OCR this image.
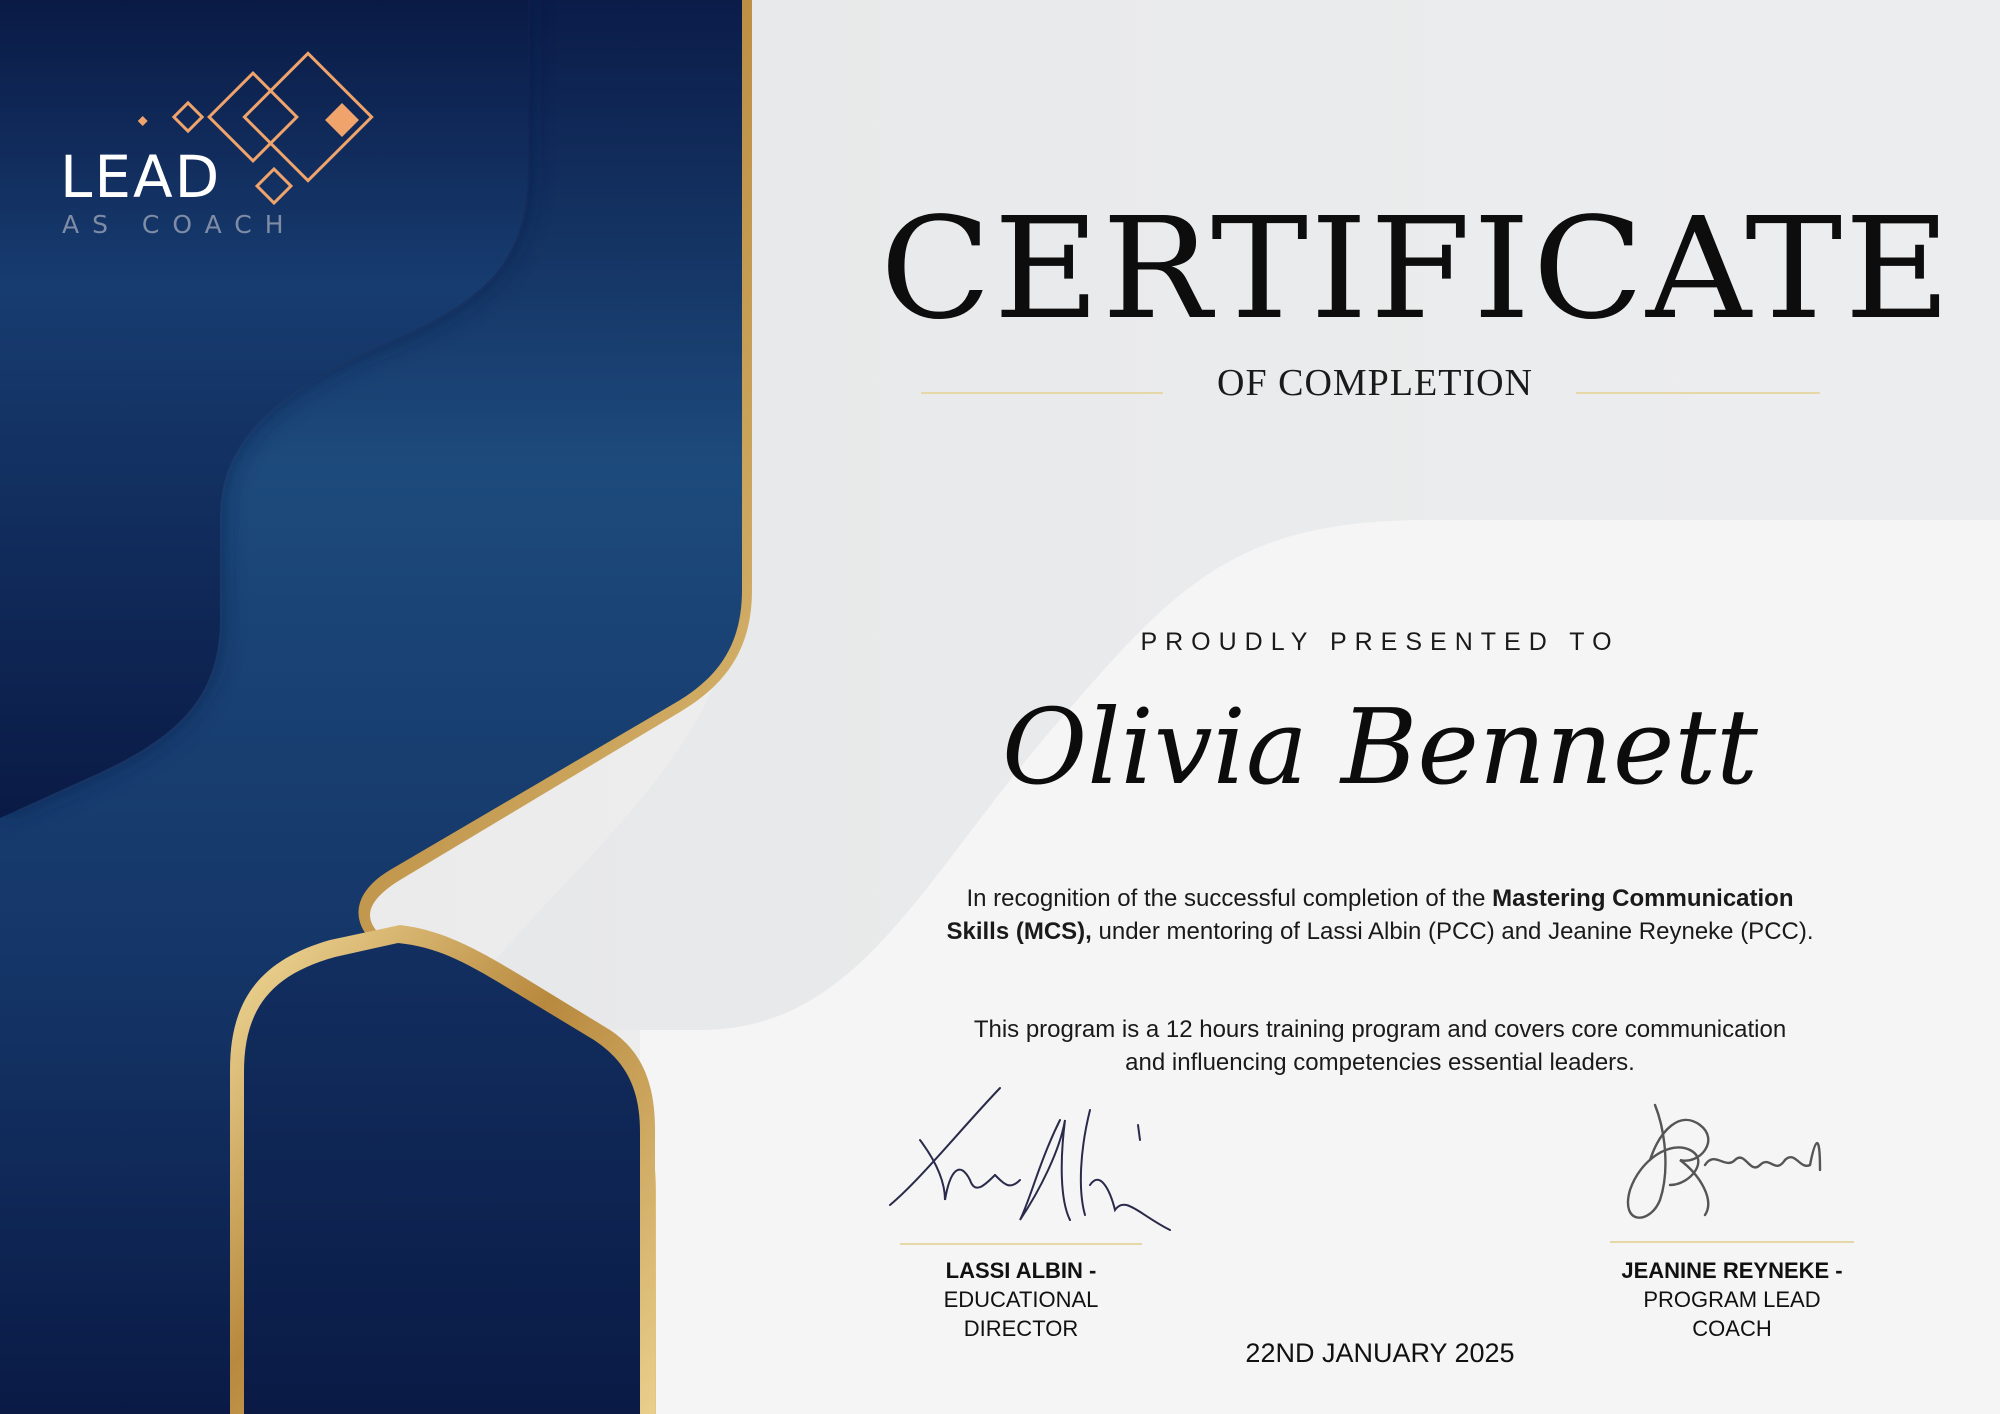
LEAD
AS COACH	CERTIFICATE
OF COMPLETION
PROUDLY PRESENTED TO
Olivia Bennett

In recognition of the successful completion of the Mastering Communication Skills (MCS), under mentoring of Lassi Albin (PCC) and Jeanine Reyneke (PCC).

This program is a 12 hours training program and covers core communication and influencing competencies essential leaders.

LASSI ALBIN -
EDUCATIONAL DIRECTOR
JEANINE REYNEKE -
PROGRAM LEAD COACH
22ND JANUARY 2025
